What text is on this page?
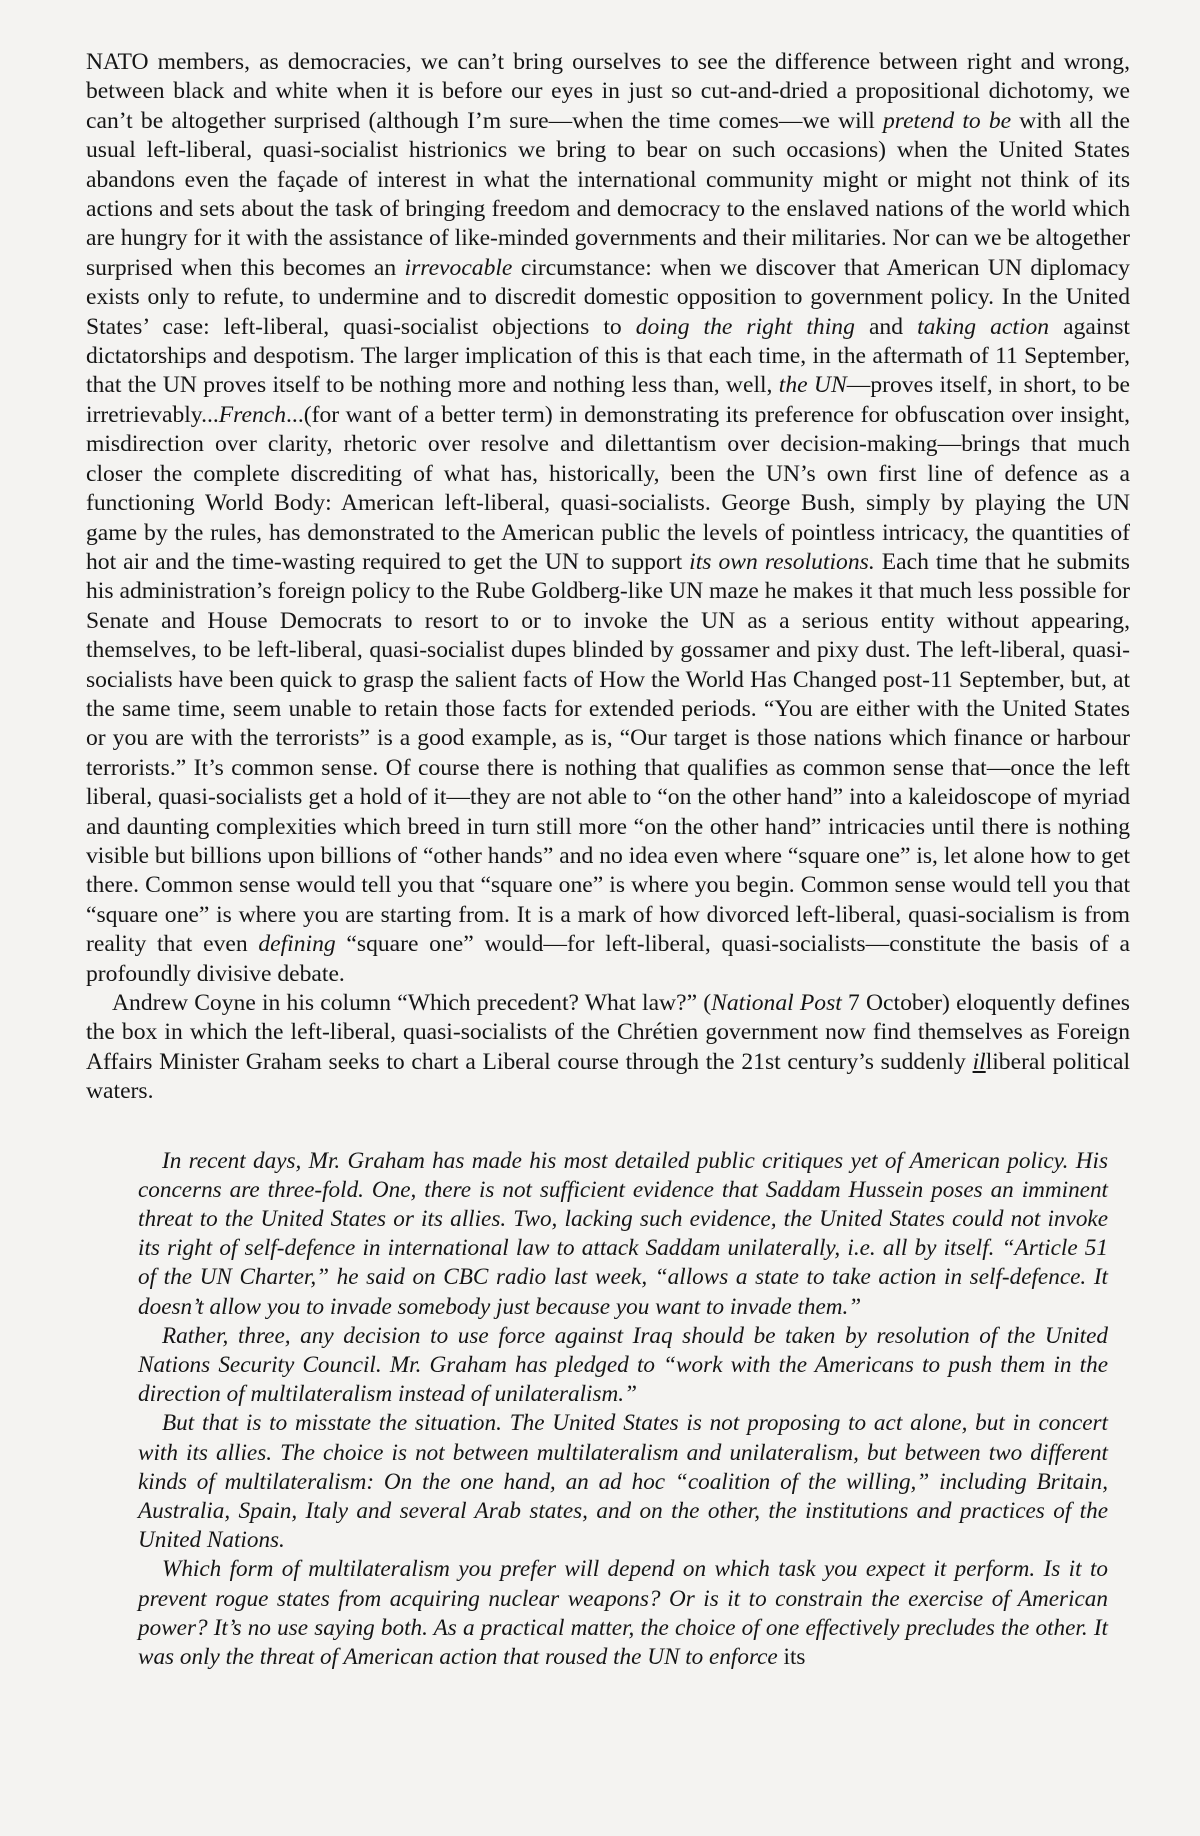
NATO members, as democracies, we can’t bring ourselves to see the difference between right and wrong, between black and white when it is before our eyes in just so cut-and-dried a propositional dichotomy, we can’t be altogether surprised (although I’m sure—when the time comes—we will pretend to be with all the usual left-liberal, quasi-socialist histrionics we bring to bear on such occasions) when the United States abandons even the façade of interest in what the international community might or might not think of its actions and sets about the task of bringing freedom and democracy to the enslaved nations of the world which are hungry for it with the assistance of like-minded governments and their militaries. Nor can we be altogether surprised when this becomes an irrevocable circumstance: when we discover that American UN diplomacy exists only to refute, to undermine and to discredit domestic opposition to government policy. In the United States’ case: left-liberal, quasi-socialist objections to doing the right thing and taking action against dictatorships and despotism. The larger implication of this is that each time, in the aftermath of 11 September, that the UN proves itself to be nothing more and nothing less than, well, the UN—proves itself, in short, to be irretrievably...French...(for want of a better term) in demonstrating its preference for obfuscation over insight, misdirection over clarity, rhetoric over resolve and dilettantism over decision-making—brings that much closer the complete discrediting of what has, historically, been the UN’s own first line of defence as a functioning World Body: American left-liberal, quasi-socialists. George Bush, simply by playing the UN game by the rules, has demonstrated to the American public the levels of pointless intricacy, the quantities of hot air and the time-wasting required to get the UN to support its own resolutions. Each time that he submits his administration’s foreign policy to the Rube Goldberg-like UN maze he makes it that much less possible for Senate and House Democrats to resort to or to invoke the UN as a serious entity without appearing, themselves, to be left-liberal, quasi-socialist dupes blinded by gossamer and pixy dust. The left-liberal, quasi-socialists have been quick to grasp the salient facts of How the World Has Changed post-11 September, but, at the same time, seem unable to retain those facts for extended periods. “You are either with the United States or you are with the terrorists” is a good example, as is, “Our target is those nations which finance or harbour terrorists.” It’s common sense. Of course there is nothing that qualifies as common sense that—once the left liberal, quasi-socialists get a hold of it—they are not able to “on the other hand” into a kaleidoscope of myriad and daunting complexities which breed in turn still more “on the other hand” intricacies until there is nothing visible but billions upon billions of “other hands” and no idea even where “square one” is, let alone how to get there. Common sense would tell you that “square one” is where you begin. Common sense would tell you that “square one” is where you are starting from. It is a mark of how divorced left-liberal, quasi-socialism is from reality that even defining “square one” would—for left-liberal, quasi-socialists—constitute the basis of a profoundly divisive debate.

Andrew Coyne in his column “Which precedent? What law?” (National Post 7 October) eloquently defines the box in which the left-liberal, quasi-socialists of the Chrétien government now find themselves as Foreign Affairs Minister Graham seeks to chart a Liberal course through the 21st century’s suddenly illiberal political waters.

In recent days, Mr. Graham has made his most detailed public critiques yet of American policy. His concerns are three-fold. One, there is not sufficient evidence that Saddam Hussein poses an imminent threat to the United States or its allies. Two, lacking such evidence, the United States could not invoke its right of self-defence in international law to attack Saddam unilaterally, i.e. all by itself. “Article 51 of the UN Charter,” he said on CBC radio last week, “allows a state to take action in self-defence. It doesn’t allow you to invade somebody just because you want to invade them.”

Rather, three, any decision to use force against Iraq should be taken by resolution of the United Nations Security Council. Mr. Graham has pledged to “work with the Americans to push them in the direction of multilateralism instead of unilateralism.”

But that is to misstate the situation. The United States is not proposing to act alone, but in concert with its allies. The choice is not between multilateralism and unilateralism, but between two different kinds of multilateralism: On the one hand, an ad hoc “coalition of the willing,” including Britain, Australia, Spain, Italy and several Arab states, and on the other, the institutions and practices of the United Nations.

Which form of multilateralism you prefer will depend on which task you expect it perform. Is it to prevent rogue states from acquiring nuclear weapons? Or is it to constrain the exercise of American power? It’s no use saying both. As a practical matter, the choice of one effectively precludes the other. It was only the threat of American action that roused the UN to enforce its
